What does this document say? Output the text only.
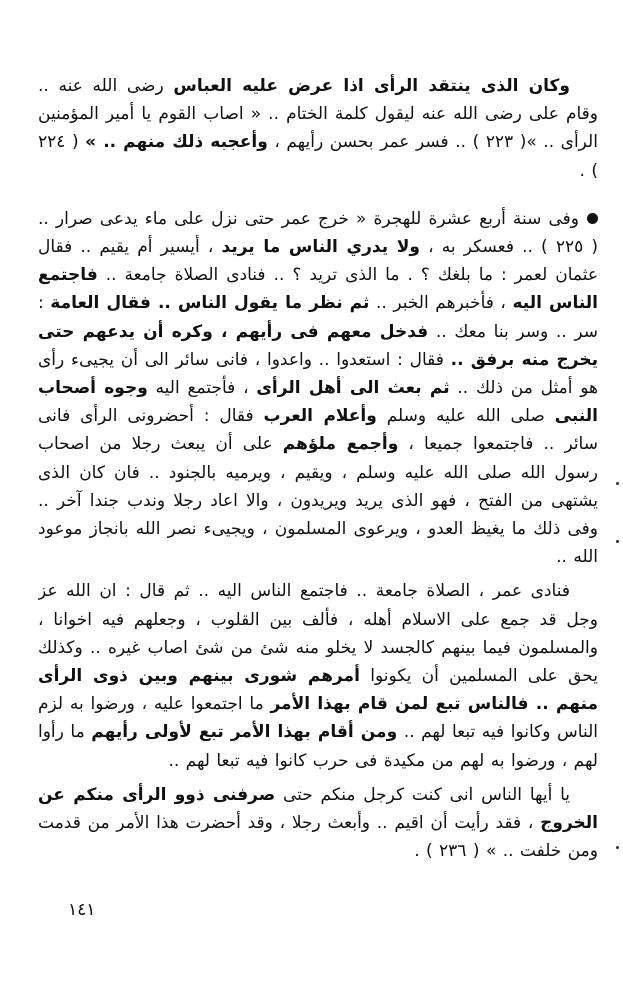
وكان الذى ينتقد الرأى اذا عرض عليه العباس رضى الله عنه .. وقام على رضى الله عنه ليقول كلمة الختام .. « اصاب القوم يا أمير المؤمنين الرأى .. »( ٢٢٣ ) .. فسر عمر بحسن رأيهم ، وأعجبه ذلك منهم .. » ( ٢٢٤ ) .

وفى سنة أربع عشرة للهجرة « خرج عمر حتى نزل على ماء يدعى صرار .. ( ٢٢٥ ) .. فعسكر به ، ولا يدري الناس ما يريد ، أيسير أم يقيم .. فقال عثمان لعمر : ما بلغك ؟ . ما الذى تريد ؟ .. فنادى الصلاة جامعة .. فاجتمع الناس اليه ، فأخبرهم الخبر .. ثم نظر ما يقول الناس .. فقال العامة : سر .. وسر بنا معك .. فدخل معهم فى رأيهم ، وكره أن يدعهم حتى يخرج منه برفق .. فقال : استعدوا .. واعدوا ، فانى سائر الى أن يجيىء رأى هو أمثل من ذلك .. ثم بعث الى أهل الرأى ، فأجتمع اليه وجوه أصحاب النبى صلى الله عليه وسلم وأعلام العرب فقال : أحضرونى الرأى فانى سائر .. فاجتمعوا جميعا ، وأجمع ملؤهم على أن يبعث رجلا من اصحاب رسول الله صلى الله عليه وسلم ، ويقيم ، ويرميه بالجنود .. فان كان الذى يشتهى من الفتح ، فهو الذى يريد ويريدون ، والا اعاد رجلا وندب جندا آخر .. وفى ذلك ما يغيظ العدو ، ويرعوى المسلمون ، ويجيىء نصر الله بانجاز موعود الله ..

فنادى عمر ، الصلاة جامعة .. فاجتمع الناس اليه .. ثم قال : ان الله عز وجل قد جمع على الاسلام أهله ، فألف بين القلوب ، وجعلهم فيه اخوانا ، والمسلمون فيما بينهم كالجسد لا يخلو منه شئ من شئ اصاب غيره .. وكذلك يحق على المسلمين أن يكونوا أمرهم شورى بينهم وبين ذوى الرأى منهم .. فالناس تبع لمن قام بهذا الأمر ما اجتمعوا عليه ، ورضوا به لزم الناس وكانوا فيه تبعا لهم .. ومن أقام بهذا الأمر تبع لأولى رأيهم ما رأوا لهم ، ورضوا به لهم من مكيدة فى حرب كانوا فيه تبعا لهم ..

يا أيها الناس انى كنت كرجل منكم حتى صرفنى ذوو الرأى منكم عن الخروج ، فقد رأيت أن اقيم .. وأبعث رجلا ، وقد أحضرت هذا الأمر من قدمت ومن خلفت .. » ( ٢٣٦ ) .

١٤١
